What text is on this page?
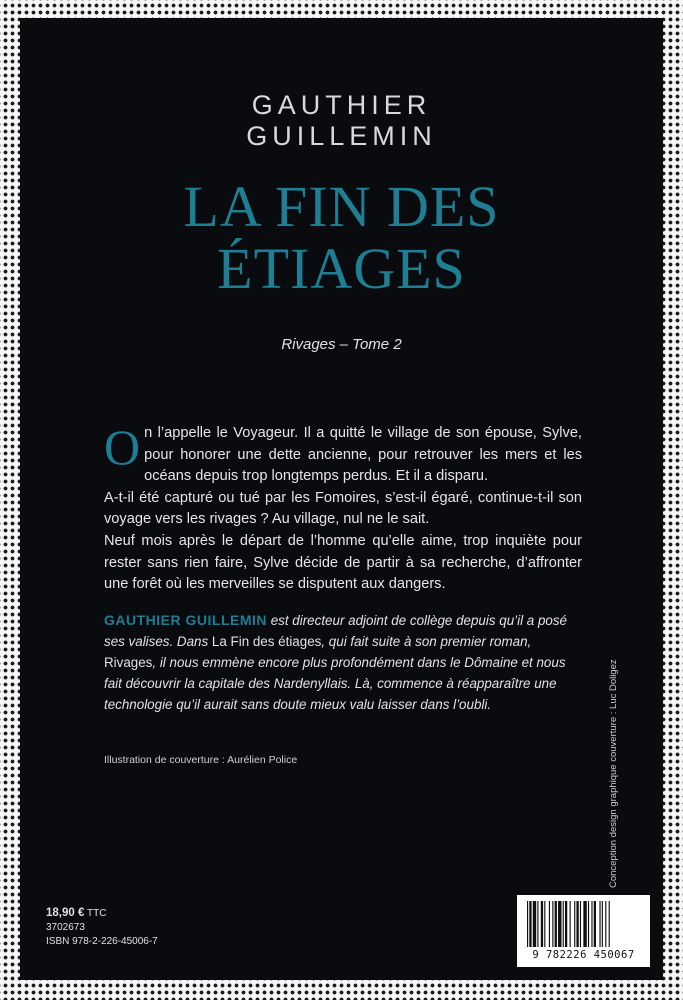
GAUTHIER
GUILLEMIN
LA FIN DES
ÉTIAGES
Rivages – Tome 2

On l’appelle le Voyageur. Il a quitté le village de son épouse, Sylve, pour honorer une dette ancienne, pour retrouver les mers et les océans depuis trop longtemps perdus. Et il a disparu.

A-t-il été capturé ou tué par les Fomoires, s’est-il égaré, continue-t-il son voyage vers les rivages ? Au village, nul ne le sait.

Neuf mois après le départ de l’homme qu’elle aime, trop inquiète pour rester sans rien faire, Sylve décide de partir à sa recherche, d’affronter une forêt où les merveilles se disputent aux dangers.

GAUTHIER GUILLEMIN est directeur adjoint de collège depuis qu’il a posé ses valises. Dans La Fin des étiages, qui fait suite à son premier roman, Rivages, il nous emmène encore plus profondément dans le Dômaine et nous fait découvrir la capitale des Nardenyllais. Là, commence à réapparaître une technologie qu’il aurait sans doute mieux valu laisser dans l’oubli.
Illustration de couverture : Aurélien Police	Conception design graphique couverture : Luc Doligez
18,90 € TTC
3702673
ISBN 978-2-226-45006-7
9 782226 450067
